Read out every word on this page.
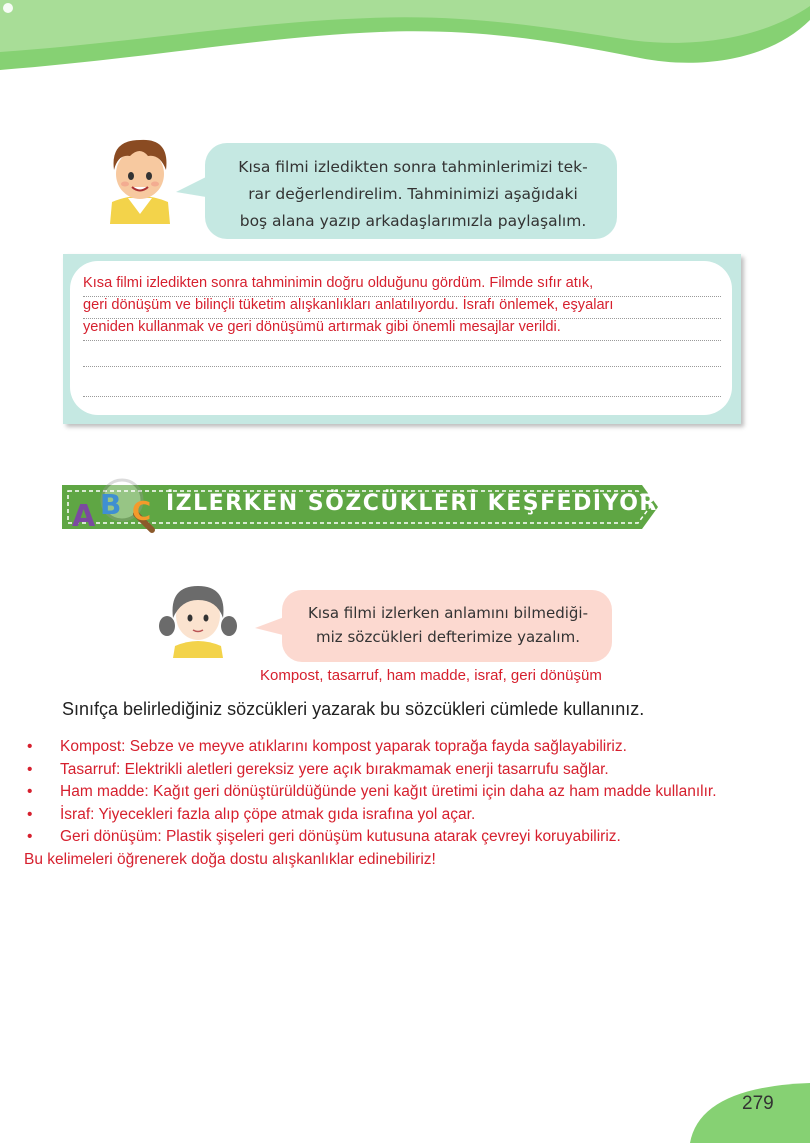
Kısa filmi izledikten sonra tahminlerimizi tek-
rar değerlendirelim. Tahminimizi aşağıdaki
boş alana yazıp arkadaşlarımızla paylaşalım.
Kısa filmi izledikten sonra tahminimin doğru olduğunu gördüm. Filmde sıfır atık,
geri dönüşüm ve bilinçli tüketim alışkanlıkları anlatılıyordu. İsrafı önlemek, eşyaları
yeniden kullanmak ve geri dönüşümü artırmak gibi önemli mesajlar verildi.
A B C İZLERKEN SÖZCÜKLERİ KEŞFEDİYORUZ
Kısa filmi izlerken anlamını bilmediği-
miz sözcükleri defterimize yazalım.
Kompost, tasarruf, ham madde, israf, geri dönüşüm
Sınıfça belirlediğiniz sözcükleri yazarak bu sözcükleri cümlede kullanınız.
• Kompost: Sebze ve meyve atıklarını kompost yaparak toprağa fayda sağlayabiliriz.
• Tasarruf: Elektrikli aletleri gereksiz yere açık bırakmamak enerji tasarrufu sağlar.
• Ham madde: Kağıt geri dönüştürüldüğünde yeni kağıt üretimi için daha az ham madde kullanılır.
• İsraf: Yiyecekleri fazla alıp çöpe atmak gıda israfına yol açar.
• Geri dönüşüm: Plastik şişeleri geri dönüşüm kutusuna atarak çevreyi koruyabiliriz.
Bu kelimeleri öğrenerek doğa dostu alışkanlıklar edinebiliriz!
279
